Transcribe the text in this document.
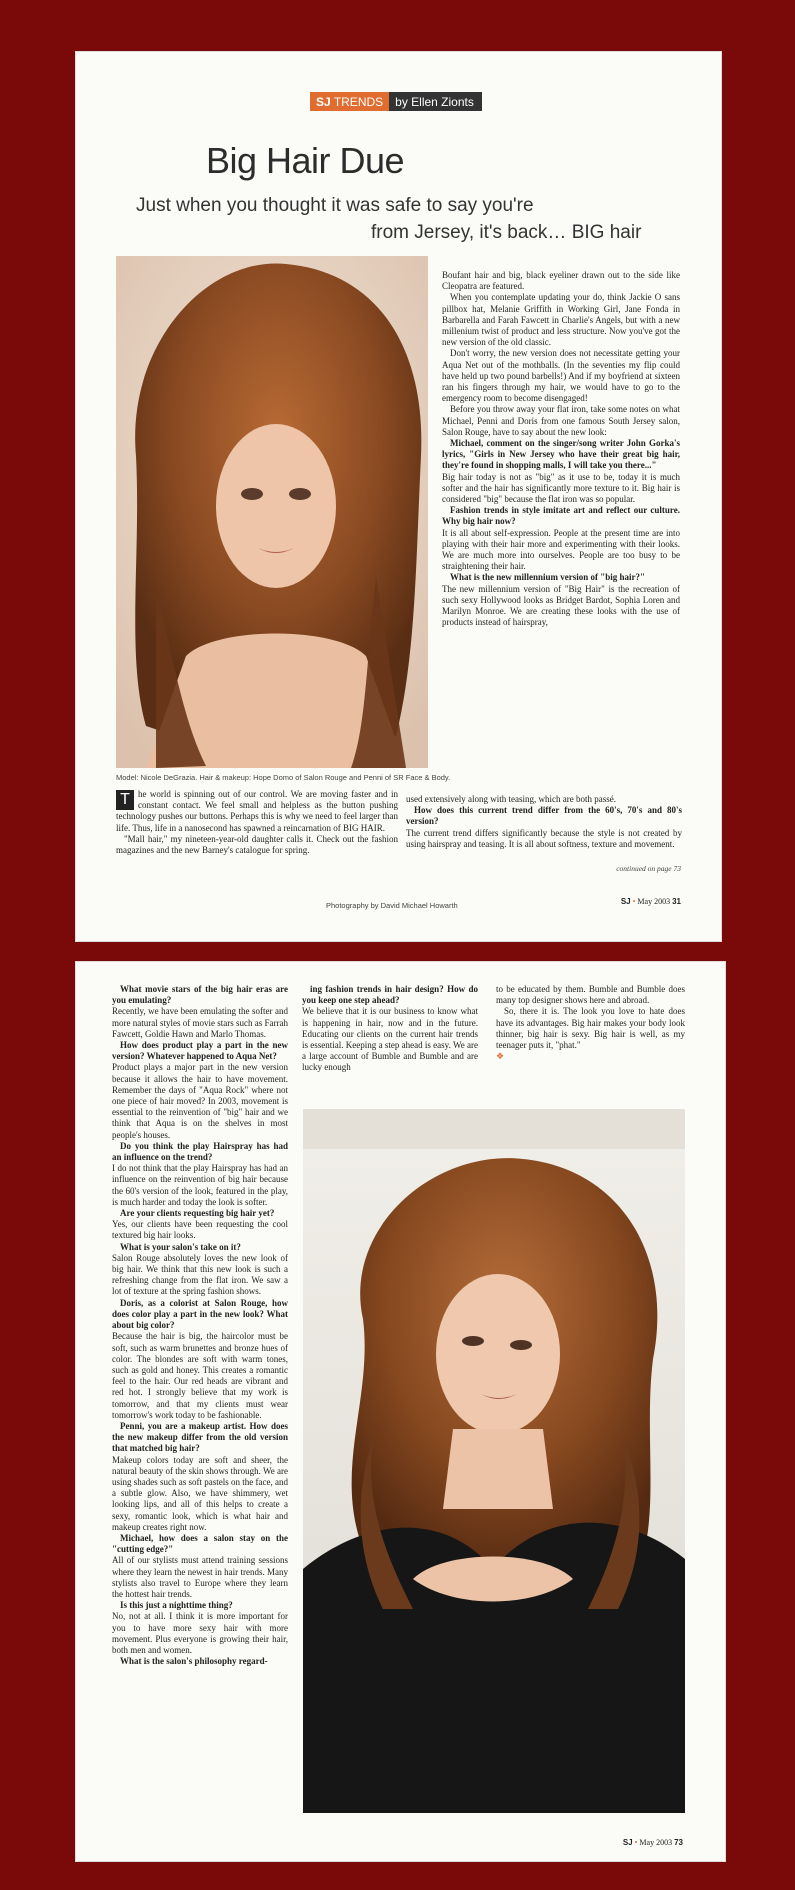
SJ TRENDS	by Ellen Zionts
Big Hair Due
Just when you thought it was safe to say you're
from Jersey, it's back… BIG hair
Model: Nicole DeGrazia. Hair & makeup: Hope Domo of Salon Rouge and Penni of SR Face & Body.

Boufant hair and big, black eyeliner drawn out to the side like Cleopatra are featured.

When you contemplate updating your do, think Jackie O sans pillbox hat, Melanie Griffith in Working Girl, Jane Fonda in Barbarella and Farah Fawcett in Charlie's Angels, but with a new millenium twist of product and less structure. Now you've got the new version of the old classic.

Don't worry, the new version does not necessitate getting your Aqua Net out of the mothballs. (In the seventies my flip could have held up two pound barbells!) And if my boyfriend at sixteen ran his fingers through my hair, we would have to go to the emergency room to become disengaged!

Before you throw away your flat iron, take some notes on what Michael, Penni and Doris from one famous South Jersey salon, Salon Rouge, have to say about the new look:

Michael, comment on the singer/song writer John Gorka's lyrics, "Girls in New Jersey who have their great big hair, they're found in shopping malls, I will take you there..."

Big hair today is not as "big" as it use to be, today it is much softer and the hair has significantly more texture to it. Big hair is considered "big" because the flat iron was so popular.

Fashion trends in style imitate art and reflect our culture. Why big hair now?

It is all about self-expression. People at the present time are into playing with their hair more and experimenting with their looks. We are much more into ourselves. People are too busy to be straightening their hair.

What is the new millennium version of "big hair?"

The new millennium version of "Big Hair" is the recreation of such sexy Hollywood looks as Bridget Bardot, Sophia Loren and Marilyn Monroe. We are creating these looks with the use of products instead of hairspray,

T he world is spinning out of our control. We are moving faster and in constant contact. We feel small and helpless as the button pushing technology pushes our buttons. Perhaps this is why we need to feel larger than life. Thus, life in a nanosecond has spawned a reincarnation of BIG HAIR.

"Mall hair," my nineteen-year-old daughter calls it. Check out the fashion magazines and the new Barney's catalogue for spring.

used extensively along with teasing, which are both passé.

How does this current trend differ from the 60's, 70's and 80's version?

The current trend differs significantly because the style is not created by using hairspray and teasing. It is all about softness, texture and movement.

continued on page 73
Photography by David Michael Howarth	SJ • May 2003 31

What movie stars of the big hair eras are you emulating?

Recently, we have been emulating the softer and more natural styles of movie stars such as Farrah Fawcett, Goldie Hawn and Marlo Thomas.

How does product play a part in the new version? Whatever happened to Aqua Net?

Product plays a major part in the new version because it allows the hair to have movement. Remember the days of "Aqua Rock" where not one piece of hair moved? In 2003, movement is essential to the reinvention of "big" hair and we think that Aqua is on the shelves in most people's houses.

Do you think the play Hairspray has had an influence on the trend?

I do not think that the play Hairspray has had an influence on the reinvention of big hair because the 60's version of the look, featured in the play, is much harder and today the look is softer.

Are your clients requesting big hair yet?

Yes, our clients have been requesting the cool textured big hair looks.

What is your salon's take on it?

Salon Rouge absolutely loves the new look of big hair. We think that this new look is such a refreshing change from the flat iron. We saw a lot of texture at the spring fashion shows.

Doris, as a colorist at Salon Rouge, how does color play a part in the new look? What about big color?

Because the hair is big, the haircolor must be soft, such as warm brunettes and bronze hues of color. The blondes are soft with warm tones, such as gold and honey. This creates a romantic feel to the hair. Our red heads are vibrant and red hot. I strongly believe that my work is tomorrow, and that my clients must wear tomorrow's work today to be fashionable.

Penni, you are a makeup artist. How does the new makeup differ from the old version that matched big hair?

Makeup colors today are soft and sheer, the natural beauty of the skin shows through. We are using shades such as soft pastels on the face, and a subtle glow. Also, we have shimmery, wet looking lips, and all of this helps to create a sexy, romantic look, which is what hair and makeup creates right now.

Michael, how does a salon stay on the "cutting edge?"

All of our stylists must attend training sessions where they learn the newest in hair trends. Many stylists also travel to Europe where they learn the hottest hair trends.

Is this just a nighttime thing?

No, not at all. I think it is more important for you to have more sexy hair with more movement. Plus everyone is growing their hair, both men and women.

What is the salon's philosophy regard-

ing fashion trends in hair design? How do you keep one step ahead?

We believe that it is our business to know what is happening in hair, now and in the future. Educating our clients on the current hair trends is essential. Keeping a step ahead is easy. We are a large account of Bumble and Bumble and are lucky enough

to be educated by them. Bumble and Bumble does many top designer shows here and abroad.

So, there it is. The look you love to hate does have its advantages. Big hair makes your body look thinner, big hair is sexy. Big hair is well, as my teenager puts it, "phat."

❖
SJ • May 2003 73
